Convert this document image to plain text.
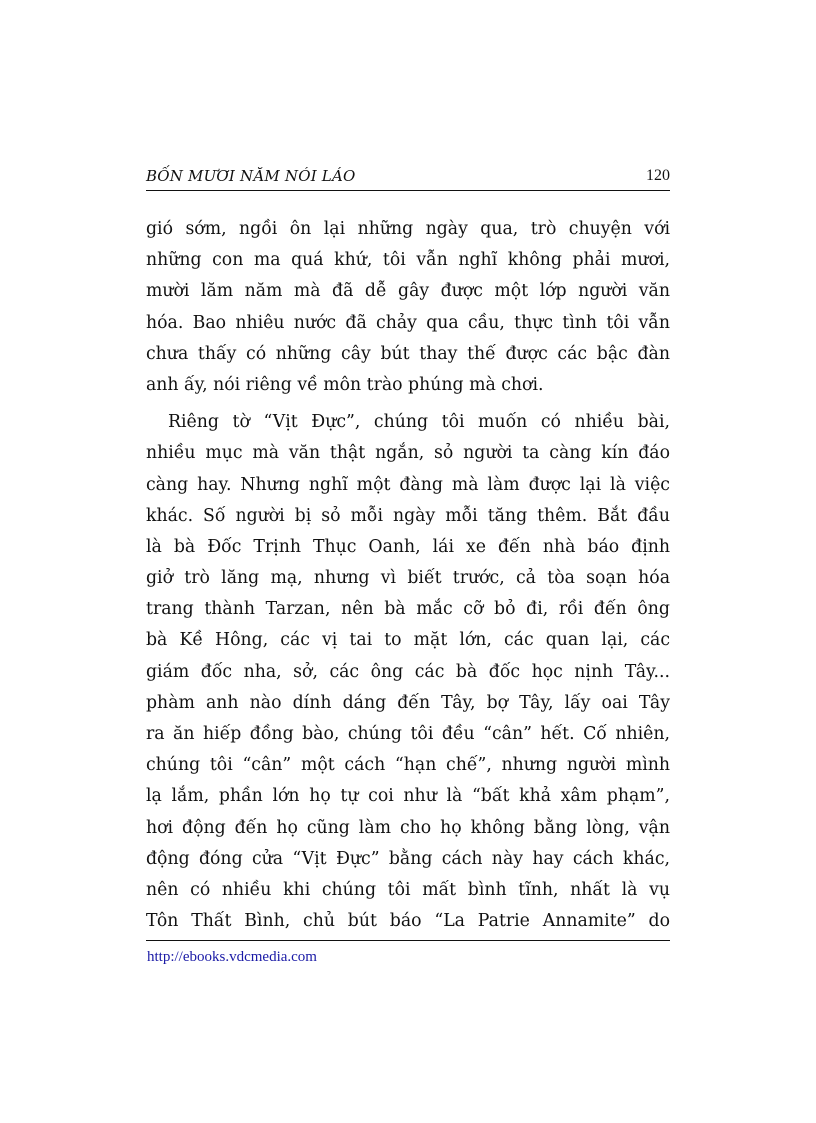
BỐN MƯƠI NĂM NÓI LÁO	120
gió sớm, ngồi ôn lại những ngày qua, trò chuyện với
những con ma quá khứ, tôi vẫn nghĩ không phải mươi,
mười lăm năm mà đã dễ gây được một lớp người văn
hóa. Bao nhiêu nước đã chảy qua cầu, thực tình tôi vẫn
chưa thấy có những cây bút thay thế được các bậc đàn
anh ấy, nói riêng về môn trào phúng mà chơi.
Riêng tờ “Vịt Đực”, chúng tôi muốn có nhiều bài,
nhiều mục mà văn thật ngắn, sỏ người ta càng kín đáo
càng hay. Nhưng nghĩ một đàng mà làm được lại là việc
khác. Số người bị sỏ mỗi ngày mỗi tăng thêm. Bắt đầu
là bà Đốc Trịnh Thục Oanh, lái xe đến nhà báo định
giở trò lăng mạ, nhưng vì biết trước, cả tòa soạn hóa
trang thành Tarzan, nên bà mắc cỡ bỏ đi, rồi đến ông
bà Kề Hông, các vị tai to mặt lớn, các quan lại, các
giám đốc nha, sở, các ông các bà đốc học nịnh Tây...
phàm anh nào dính dáng đến Tây, bợ Tây, lấy oai Tây
ra ăn hiếp đồng bào, chúng tôi đều “cân” hết. Cố nhiên,
chúng tôi “cân” một cách “hạn chế”, nhưng người mình
lạ lắm, phần lớn họ tự coi như là “bất khả xâm phạm”,
hơi động đến họ cũng làm cho họ không bằng lòng, vận
động đóng cửa “Vịt Đực” bằng cách này hay cách khác,
nên có nhiều khi chúng tôi mất bình tĩnh, nhất là vụ
Tôn Thất Bình, chủ bút báo “La Patrie Annamite” do
http://ebooks.vdcmedia.com
